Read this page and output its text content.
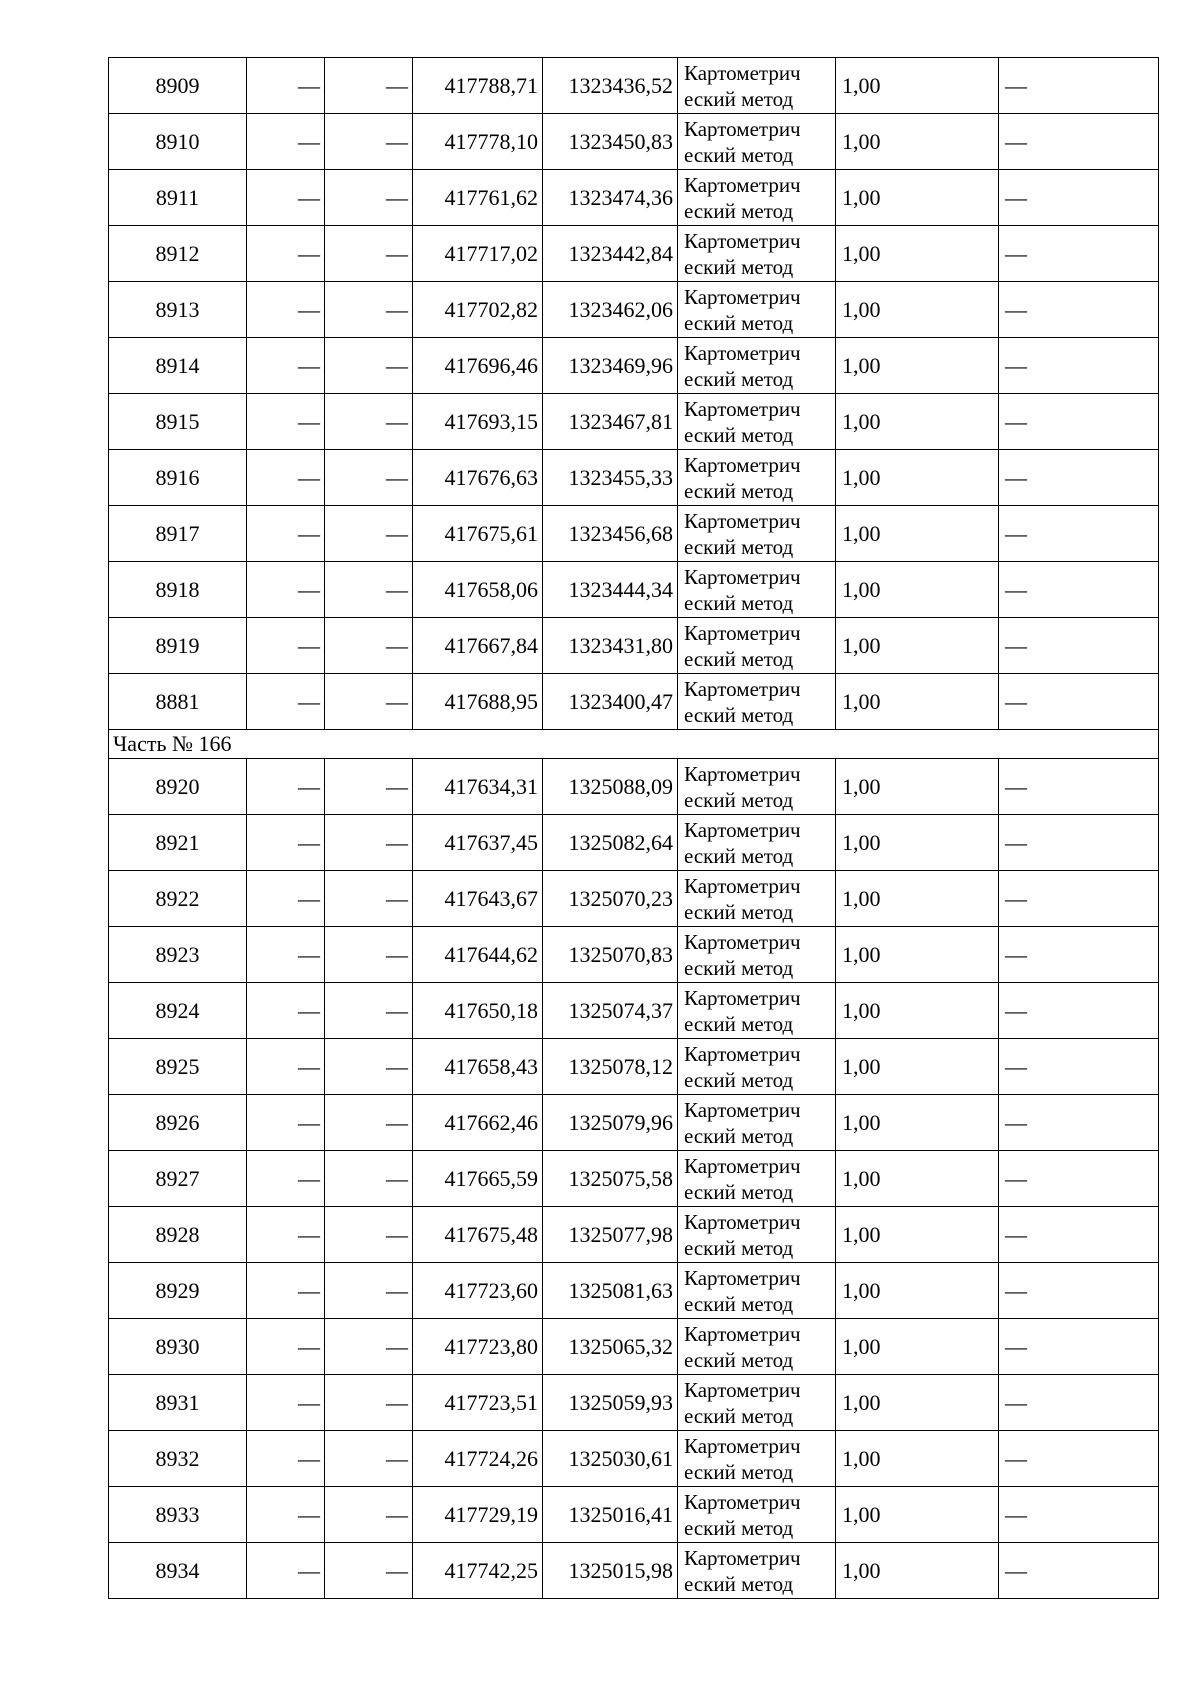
8909	—	—	417788,71	1323436,52	Картометрич
еский метод	1,00	—
8910	—	—	417778,10	1323450,83	Картометрич
еский метод	1,00	—
8911	—	—	417761,62	1323474,36	Картометрич
еский метод	1,00	—
8912	—	—	417717,02	1323442,84	Картометрич
еский метод	1,00	—
8913	—	—	417702,82	1323462,06	Картометрич
еский метод	1,00	—
8914	—	—	417696,46	1323469,96	Картометрич
еский метод	1,00	—
8915	—	—	417693,15	1323467,81	Картометрич
еский метод	1,00	—
8916	—	—	417676,63	1323455,33	Картометрич
еский метод	1,00	—
8917	—	—	417675,61	1323456,68	Картометрич
еский метод	1,00	—
8918	—	—	417658,06	1323444,34	Картометрич
еский метод	1,00	—
8919	—	—	417667,84	1323431,80	Картометрич
еский метод	1,00	—
8881	—	—	417688,95	1323400,47	Картометрич
еский метод	1,00	—
Часть № 166							
8920	—	—	417634,31	1325088,09	Картометрич
еский метод	1,00	—
8921	—	—	417637,45	1325082,64	Картометрич
еский метод	1,00	—
8922	—	—	417643,67	1325070,23	Картометрич
еский метод	1,00	—
8923	—	—	417644,62	1325070,83	Картометрич
еский метод	1,00	—
8924	—	—	417650,18	1325074,37	Картометрич
еский метод	1,00	—
8925	—	—	417658,43	1325078,12	Картометрич
еский метод	1,00	—
8926	—	—	417662,46	1325079,96	Картометрич
еский метод	1,00	—
8927	—	—	417665,59	1325075,58	Картометрич
еский метод	1,00	—
8928	—	—	417675,48	1325077,98	Картометрич
еский метод	1,00	—
8929	—	—	417723,60	1325081,63	Картометрич
еский метод	1,00	—
8930	—	—	417723,80	1325065,32	Картометрич
еский метод	1,00	—
8931	—	—	417723,51	1325059,93	Картометрич
еский метод	1,00	—
8932	—	—	417724,26	1325030,61	Картометрич
еский метод	1,00	—
8933	—	—	417729,19	1325016,41	Картометрич
еский метод	1,00	—
8934	—	—	417742,25	1325015,98	Картометрич
еский метод	1,00	—
